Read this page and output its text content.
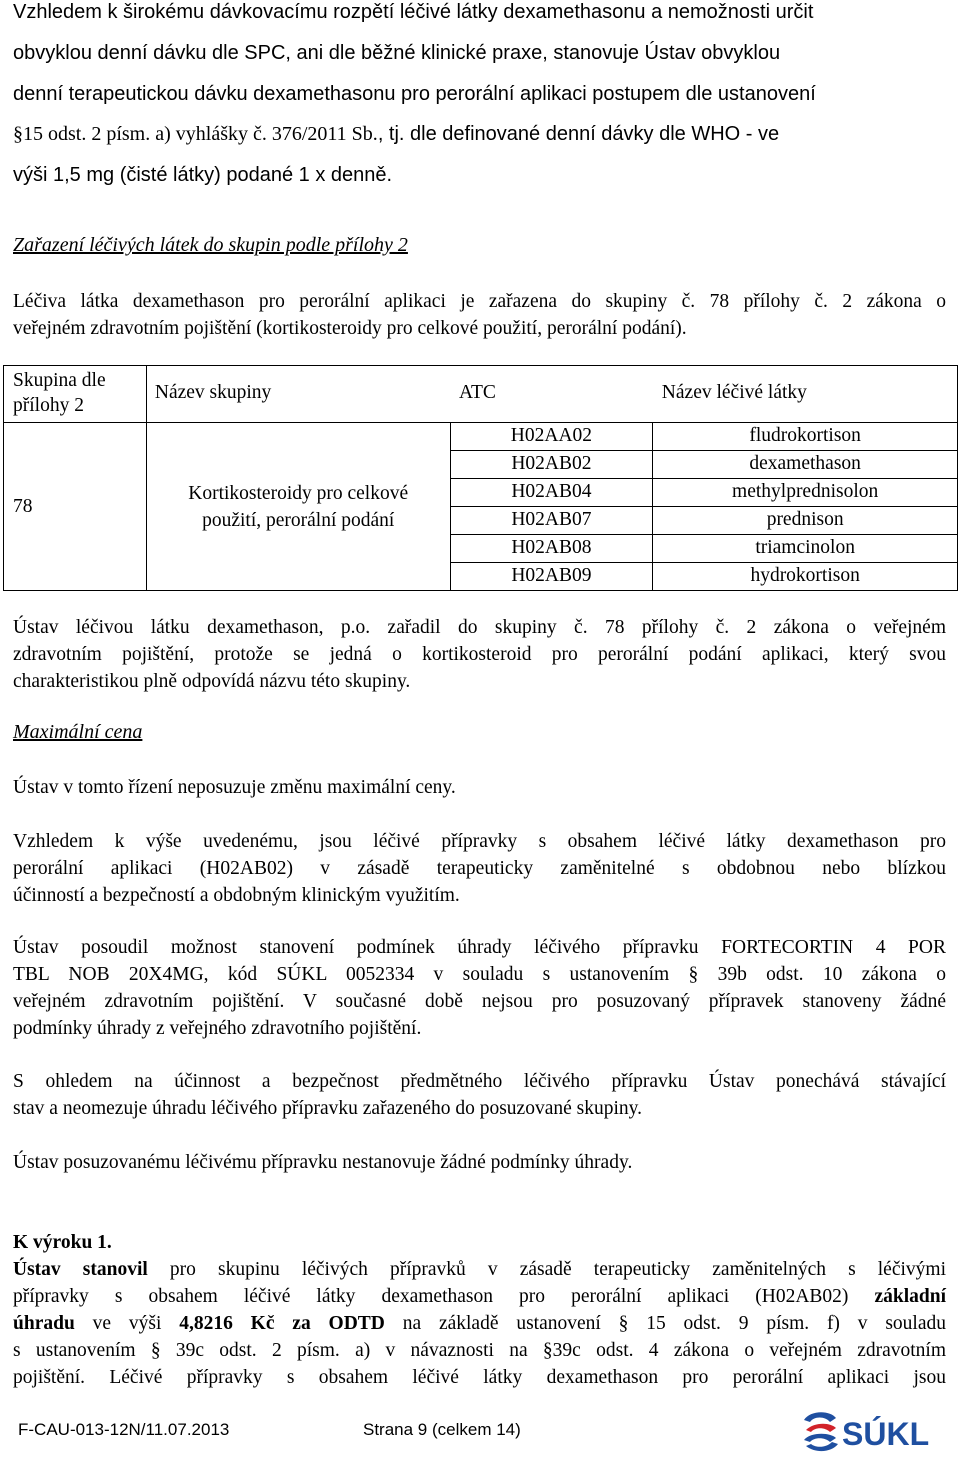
Vzhledem k širokému dávkovacímu rozpětí léčivé látky dexamethasonu a nemožnosti určit
obvyklou denní dávku dle SPC, ani dle běžné klinické praxe, stanovuje Ústav obvyklou
denní terapeutickou dávku dexamethasonu pro perorální aplikaci postupem dle ustanovení
§15 odst. 2 písm. a) vyhlášky č. 376/2011 Sb., tj. dle definované denní dávky dle WHO - ve
výši 1,5 mg (čisté látky) podané 1 x denně.
Zařazení léčivých látek do skupin podle přílohy 2
Léčiva látka dexamethason pro perorální aplikaci je zařazena do skupiny č. 78 přílohy č. 2 zákona o
veřejném zdravotním pojištění (kortikosteroidy pro celkové použití, perorální podání).
Skupina dle přílohy 2	Název skupiny	ATC	Název léčivé látky

78	Kortikosteroidy pro celkové použití, perorální podání	H02AA02	fludrokortison
		H02AB02	dexamethason
		H02AB04	methylprednisolon
		H02AB07	prednison
		H02AB08	triamcinolon
		H02AB09	hydrokortison
Ústav léčivou látku dexamethason, p.o. zařadil do skupiny č. 78 přílohy č. 2 zákona o veřejném
zdravotním pojištění, protože se jedná o kortikosteroid pro perorální podání aplikaci, který svou
charakteristikou plně odpovídá názvu této skupiny.
Maximální cena
Ústav v tomto řízení neposuzuje změnu maximální ceny.
Vzhledem k výše uvedenému, jsou léčivé přípravky s obsahem léčivé látky dexamethason pro
perorální aplikaci (H02AB02) v zásadě terapeuticky zaměnitelné s obdobnou nebo blízkou
účinností a bezpečností a obdobným klinickým využitím.
Ústav posoudil možnost stanovení podmínek úhrady léčivého přípravku FORTECORTIN 4 POR
TBL NOB 20X4MG, kód SÚKL 0052334 v souladu s ustanovením § 39b odst. 10 zákona o
veřejném zdravotním pojištění. V současné době nejsou pro posuzovaný přípravek stanoveny žádné
podmínky úhrady z veřejného zdravotního pojištění.
S ohledem na účinnost a bezpečnost předmětného léčivého přípravku Ústav ponechává stávající
stav a neomezuje úhradu léčivého přípravku zařazeného do posuzované skupiny.
Ústav posuzovanému léčivému přípravku nestanovuje žádné podmínky úhrady.
K výroku 1.
Ústav stanovil pro skupinu léčivých přípravků v zásadě terapeuticky zaměnitelných s léčivými
přípravky s obsahem léčivé látky dexamethason pro perorální aplikaci (H02AB02) základní
úhradu ve výši 4,8216 Kč za ODTD na základě ustanovení § 15 odst. 9 písm. f) v souladu
s ustanovením § 39c odst. 2 písm. a) v návaznosti na §39c odst. 4 zákona o veřejném zdravotním
pojištění. Léčivé přípravky s obsahem léčivé látky dexamethason pro perorální aplikaci jsou
F-CAU-013-12N/11.07.2013	Strana 9 (celkem 14)	SÚKL
